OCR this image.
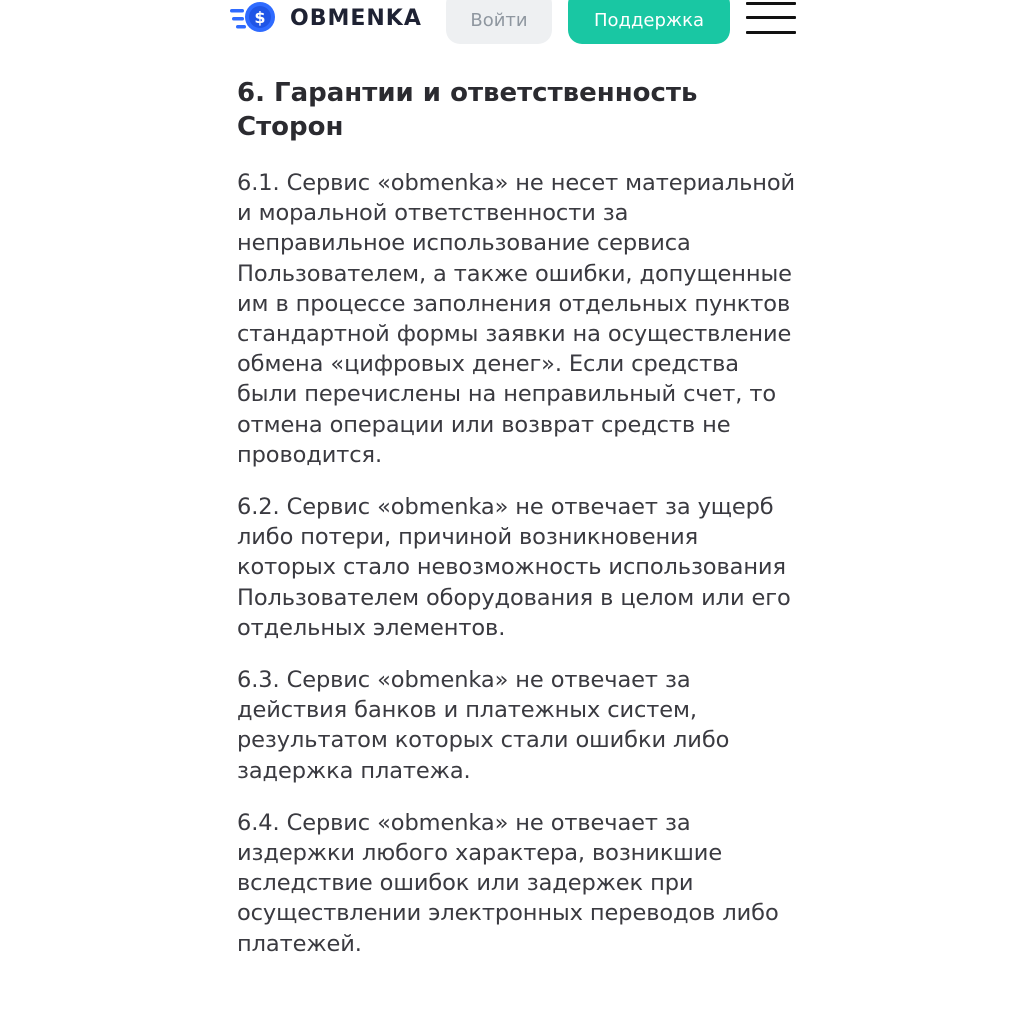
$ OBMENKA	Войти	Поддержка
6. Гарантии и ответственность Сторон

6.1. Сервис «obmenka» не несет материальной и моральной ответственности за неправильное использование сервиса Пользователем, а также ошибки, допущенные им в процессе заполнения отдельных пунктов стандартной формы заявки на осуществление обмена «цифровых денег». Если средства были перечислены на неправильный счет, то отмена операции или возврат средств не проводится.

6.2. Сервис «obmenka» не отвечает за ущерб либо потери, причиной возникновения которых стало невозможность использования Пользователем оборудования в целом или его отдельных элементов.

6.3. Сервис «obmenka» не отвечает за действия банков и платежных систем, результатом которых стали ошибки либо задержка платежа.

6.4. Сервис «obmenka» не отвечает за издержки любого характера, возникшие вследствие ошибок или задержек при осуществлении электронных переводов либо платежей.
